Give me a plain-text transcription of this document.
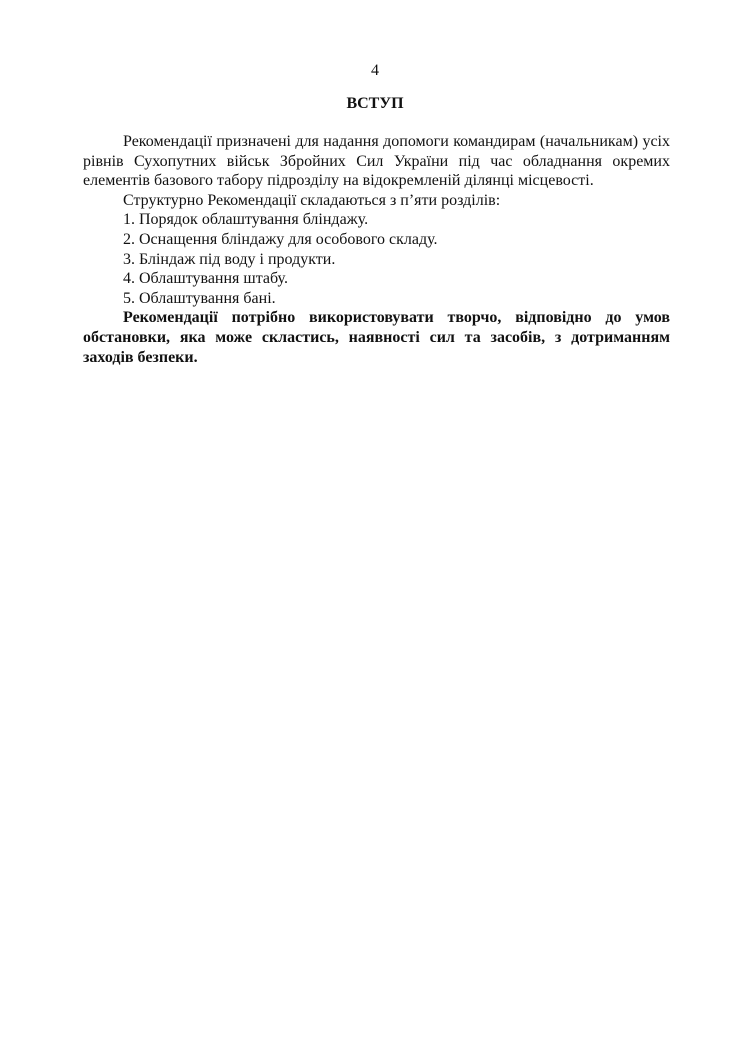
4
ВСТУП

Рекомендації призначені для надання допомоги командирам (начальникам) усіх рівнів Сухопутних військ Збройних Сил України під час обладнання окремих елементів базового табору підрозділу на відокремленій ділянці місцевості.

Структурно Рекомендації складаються з п’яти розділів:

1. Порядок облаштування бліндажу.

2. Оснащення бліндажу для особового складу.

3. Бліндаж під воду і продукти.

4. Облаштування штабу.

5. Облаштування бані.

Рекомендації потрібно використовувати творчо, відповідно до умов обстановки, яка може скластись, наявності сил та засобів, з дотриманням заходів безпеки.
